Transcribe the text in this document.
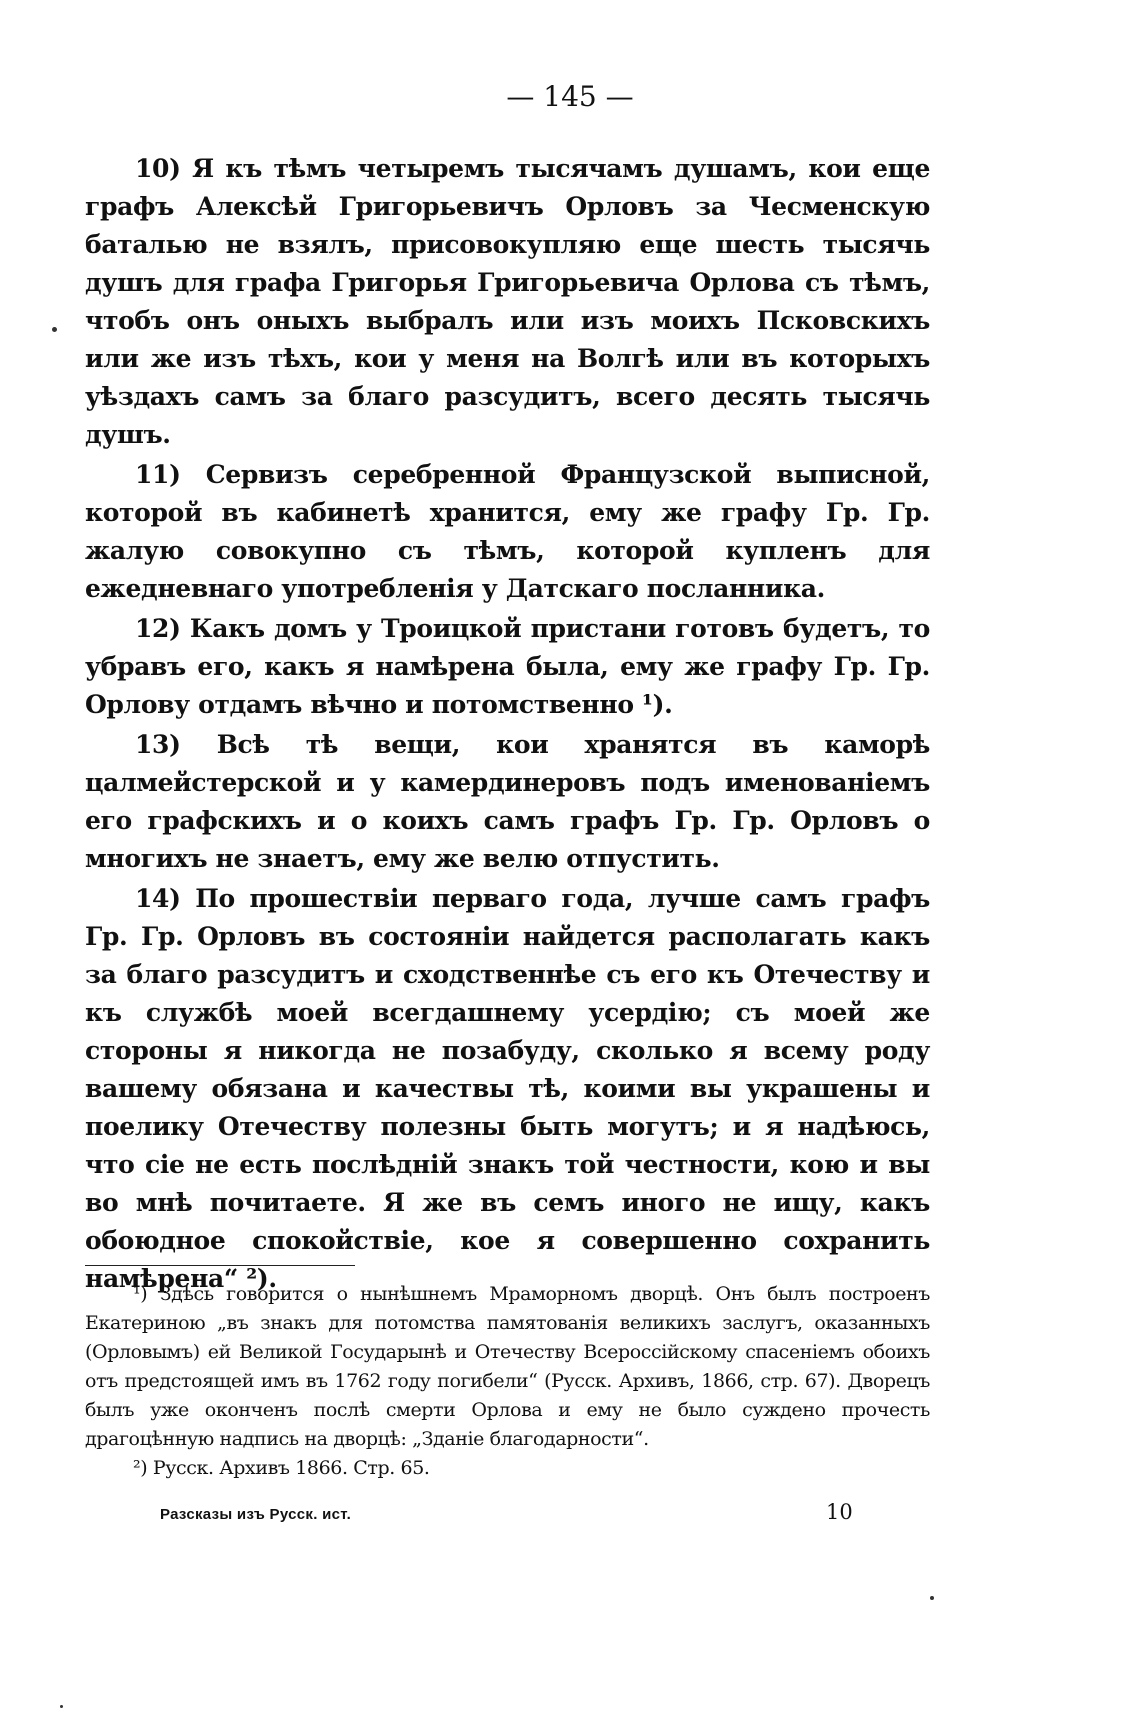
— 145 —

10) Я къ тѣмъ четыремъ тысячамъ душамъ, кои еще графъ Алексѣй Григорьевичъ Орловъ за Чесменскую баталью не взялъ, присовокупляю еще шесть тысячь душъ для графа Григорья Григорьевича Орлова съ тѣмъ, чтобъ онъ оныхъ выбралъ или изъ моихъ Псковскихъ или же изъ тѣхъ, кои у меня на Волгѣ или въ которыхъ уѣздахъ самъ за благо разсудитъ, всего десять тысячь душъ.

11) Сервизъ серебренной Французской выписной, которой въ кабинетѣ хранится, ему же графу Гр. Гр. жалую совокупно съ тѣмъ, которой купленъ для ежедневнаго употребленія у Датскаго посланника.

12) Какъ домъ у Троицкой пристани готовъ будетъ, то убравъ его, какъ я намѣрена была, ему же графу Гр. Гр. Орлову отдамъ вѣчно и потомственно ¹).

13) Всѣ тѣ вещи, кои хранятся въ каморѣ цалмейстерской и у камердинеровъ подъ именованіемъ его графскихъ и о коихъ самъ графъ Гр. Гр. Орловъ о многихъ не знаетъ, ему же велю отпустить.

14) По прошествіи перваго года, лучше самъ графъ Гр. Гр. Орловъ въ состояніи найдется располагать какъ за благо разсудитъ и сходственнѣе съ его къ Отечеству и къ службѣ моей всегдашнему усердію; съ моей же стороны я никогда не позабуду, сколько я всему роду вашему обязана и качествы тѣ, коими вы украшены и поелику Отечеству полезны быть могутъ; и я надѣюсь, что сіе не есть послѣдній знакъ той честности, кою и вы во мнѣ почитаете. Я же въ семъ иного не ищу, какъ обоюдное спокойствіе, кое я совершенно сохранить намѣрена“ ²).

¹) Здѣсь говорится о нынѣшнемъ Мраморномъ дворцѣ. Онъ былъ построенъ Екатериною „въ знакъ для потомства памятованія великихъ заслугъ, оказанныхъ (Орловымъ) ей Великой Государынѣ и Отечеству Всероссійскому спасеніемъ обоихъ отъ предстоящей имъ въ 1762 году погибели“ (Русск. Архивъ, 1866, стр. 67). Дворецъ былъ уже оконченъ послѣ смерти Орлова и ему не было суждено прочесть драгоцѣнную надпись на дворцѣ: „Зданіе благодарности“.

²) Русск. Архивъ 1866. Стр. 65.

Разсказы изъ Русск. ист.	10
